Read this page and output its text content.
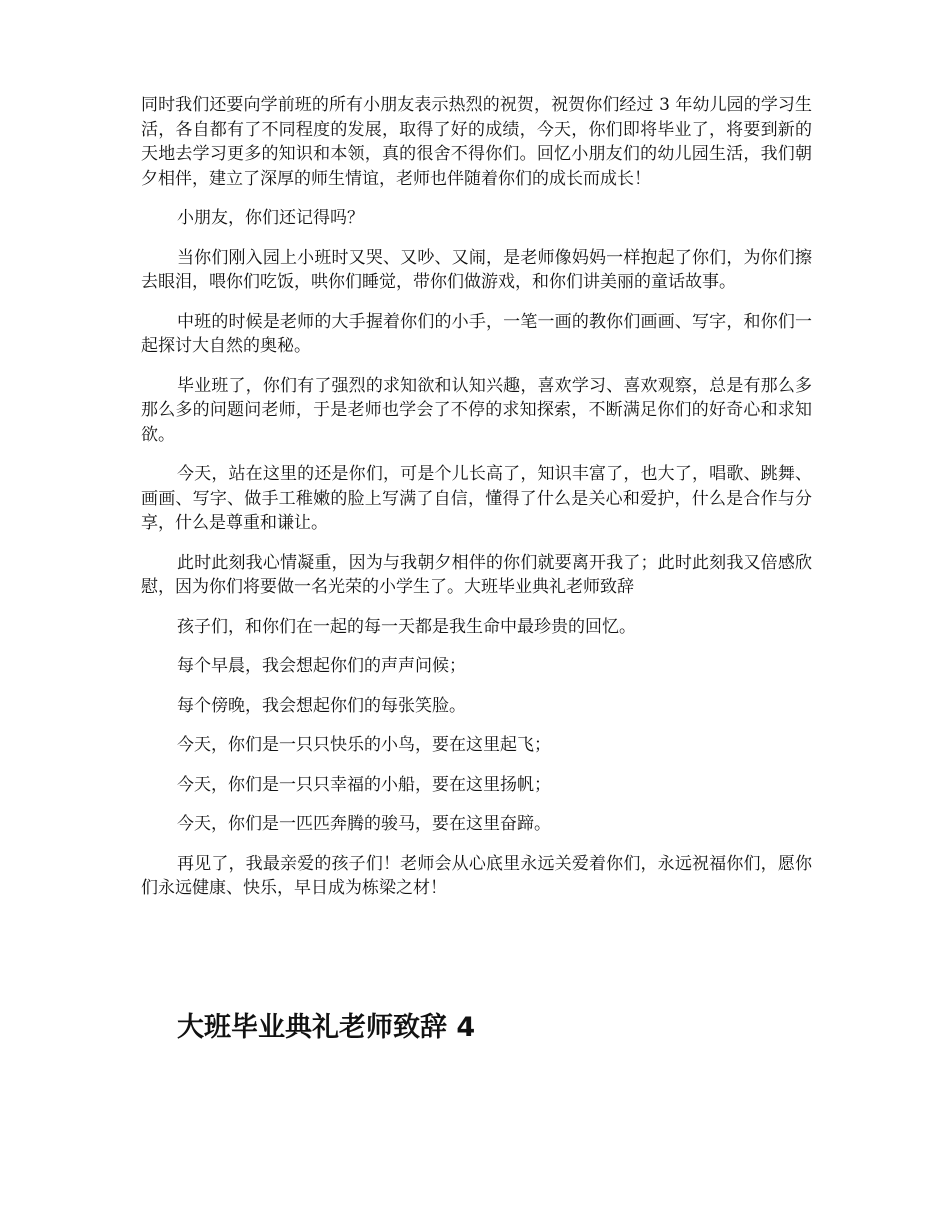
同时我们还要向学前班的所有小朋友表示热烈的祝贺，祝贺你们经过 3 年幼儿园的学习生活，各自都有了不同程度的发展，取得了好的成绩，今天，你们即将毕业了，将要到新的天地去学习更多的知识和本领，真的很舍不得你们。回忆小朋友们的幼儿园生活，我们朝夕相伴，建立了深厚的师生情谊，老师也伴随着你们的成长而成长！

小朋友，你们还记得吗？

当你们刚入园上小班时又哭、又吵、又闹，是老师像妈妈一样抱起了你们，为你们擦去眼泪，喂你们吃饭，哄你们睡觉，带你们做游戏，和你们讲美丽的童话故事。

中班的时候是老师的大手握着你们的小手，一笔一画的教你们画画、写字，和你们一起探讨大自然的奥秘。

毕业班了，你们有了强烈的求知欲和认知兴趣，喜欢学习、喜欢观察，总是有那么多那么多的问题问老师，于是老师也学会了不停的求知探索，不断满足你们的好奇心和求知欲。

今天，站在这里的还是你们，可是个儿长高了，知识丰富了，也大了，唱歌、跳舞、画画、写字、做手工稚嫩的脸上写满了自信，懂得了什么是关心和爱护，什么是合作与分享，什么是尊重和谦让。

此时此刻我心情凝重，因为与我朝夕相伴的你们就要离开我了；此时此刻我又倍感欣慰，因为你们将要做一名光荣的小学生了。大班毕业典礼老师致辞

孩子们，和你们在一起的每一天都是我生命中最珍贵的回忆。

每个早晨，我会想起你们的声声问候；

每个傍晚，我会想起你们的每张笑脸。

今天，你们是一只只快乐的小鸟，要在这里起飞；

今天，你们是一只只幸福的小船，要在这里扬帆；

今天，你们是一匹匹奔腾的骏马，要在这里奋蹄。

再见了，我最亲爱的孩子们！老师会从心底里永远关爱着你们，永远祝福你们，愿你们永远健康、快乐，早日成为栋梁之材！

大班毕业典礼老师致辞 4
